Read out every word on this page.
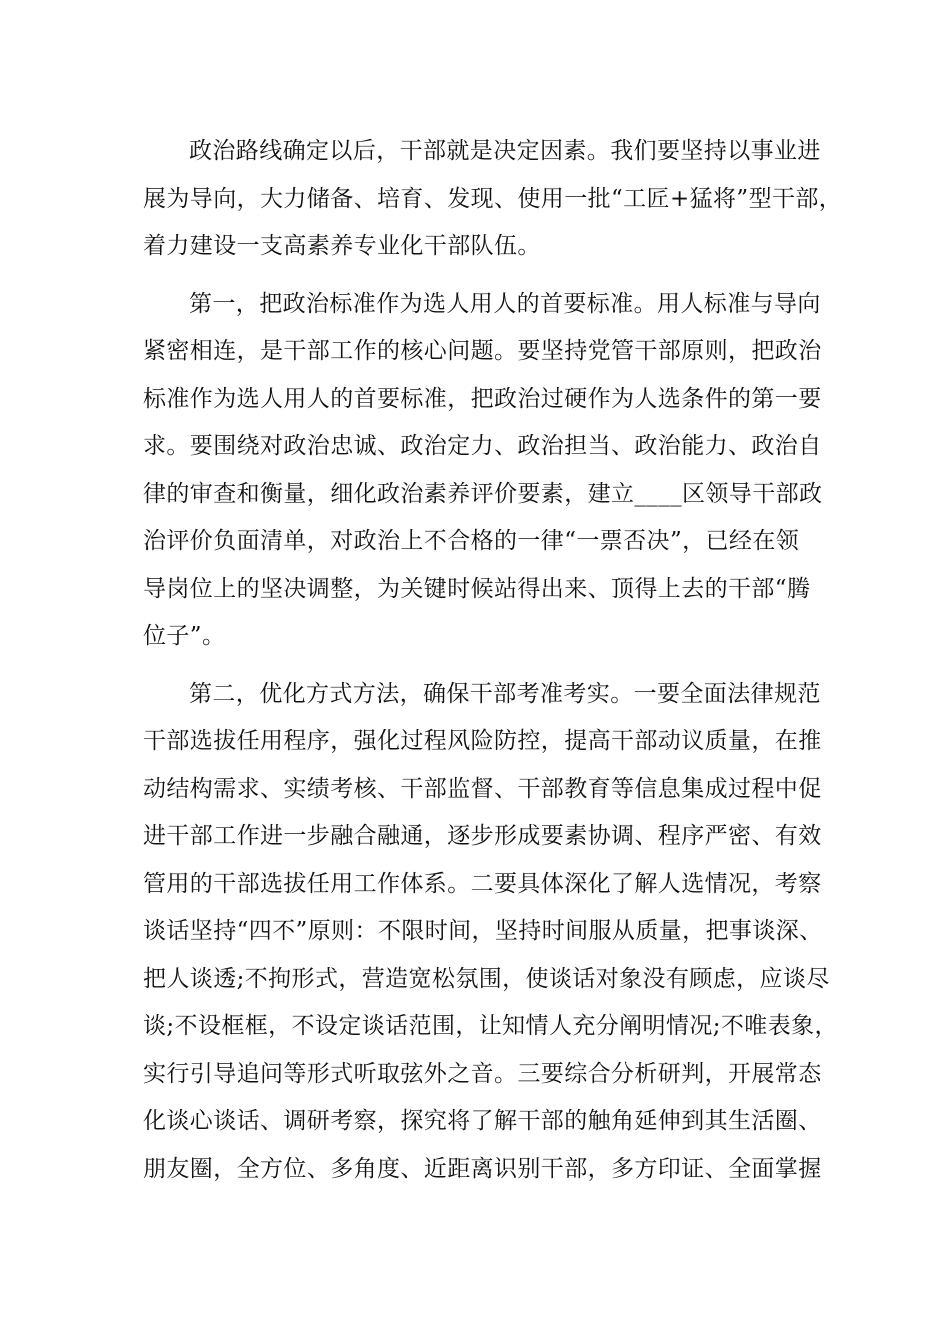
政治路线确定以后，干部就是决定因素。我们要坚持以事业进
展为导向，大力储备、培育、发现、使用一批“工匠+猛将”型干部，
着力建设一支高素养专业化干部队伍。
第一，把政治标准作为选人用人的首要标准。用人标准与导向
紧密相连，是干部工作的核心问题。要坚持党管干部原则，把政治
标准作为选人用人的首要标准，把政治过硬作为人选条件的第一要
求。要围绕对政治忠诚、政治定力、政治担当、政治能力、政治自
律的审查和衡量，细化政治素养评价要素，建立____区领导干部政
治评价负面清单，对政治上不合格的一律“一票否决”，已经在领
导岗位上的坚决调整，为关键时候站得出来、顶得上去的干部“腾
位子”。
第二，优化方式方法，确保干部考准考实。一要全面法律规范
干部选拔任用程序，强化过程风险防控，提高干部动议质量，在推
动结构需求、实绩考核、干部监督、干部教育等信息集成过程中促
进干部工作进一步融合融通，逐步形成要素协调、程序严密、有效
管用的干部选拔任用工作体系。二要具体深化了解人选情况，考察
谈话坚持“四不”原则：不限时间，坚持时间服从质量，把事谈深、
把人谈透;不拘形式，营造宽松氛围，使谈话对象没有顾虑，应谈尽
谈;不设框框，不设定谈话范围，让知情人充分阐明情况;不唯表象，
实行引导追问等形式听取弦外之音。三要综合分析研判，开展常态
化谈心谈话、调研考察，探究将了解干部的触角延伸到其生活圈、
朋友圈，全方位、多角度、近距离识别干部，多方印证、全面掌握
